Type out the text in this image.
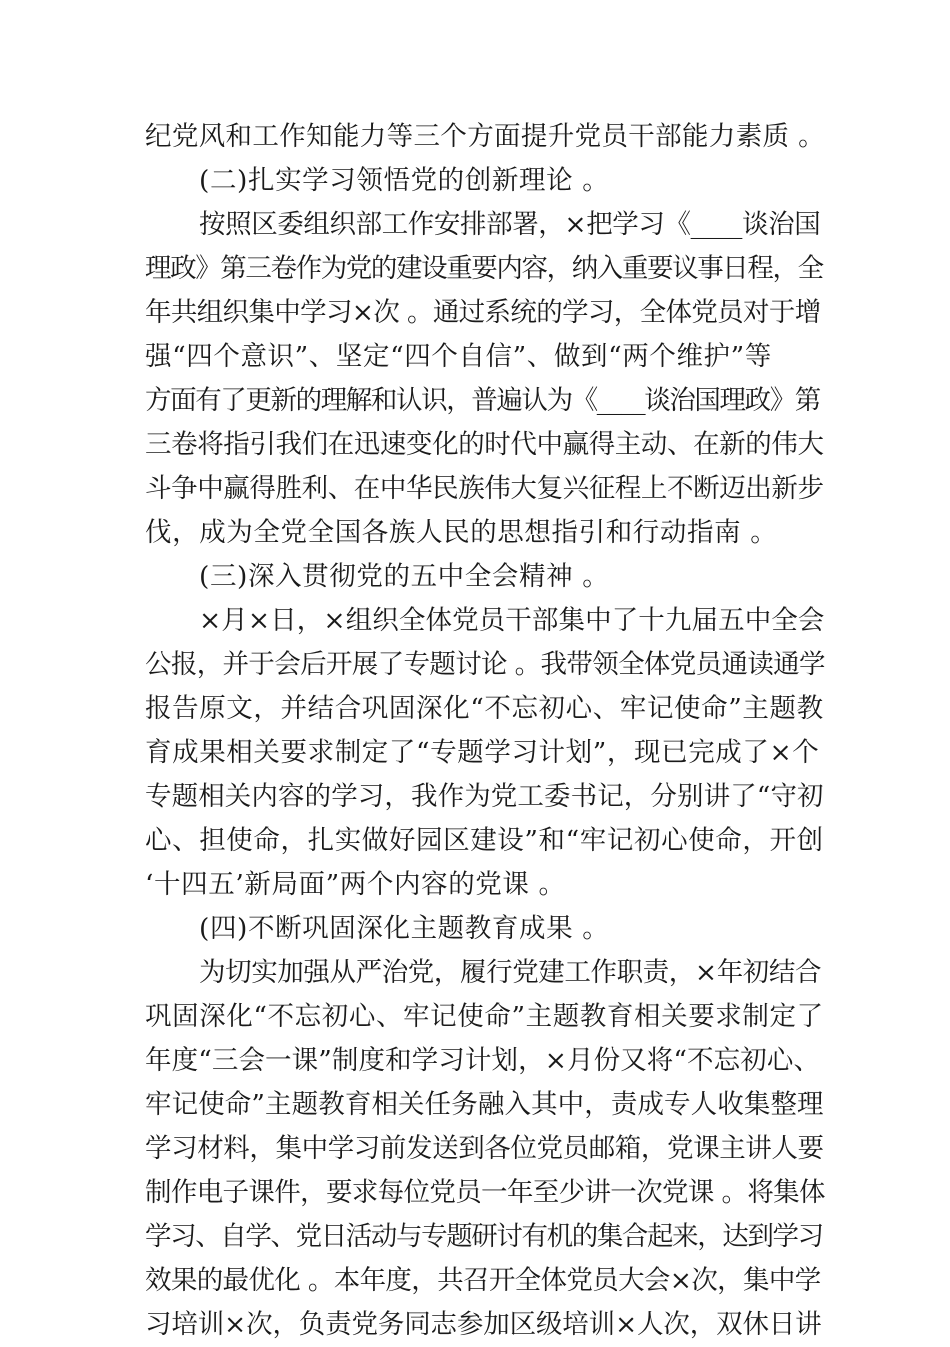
纪党风和工作知能力等三个方面提升党员干部能力素质 。
(二)扎实学习领悟党的创新理论 。
按照区委组织部工作安排部署，×把学习《____谈治国
理政》第三卷作为党的建设重要内容，纳入重要议事日程，全
年共组织集中学习×次 。通过系统的学习，全体党员对于增
强“四个意识”、坚定“四个自信”、做到“两个维护”等
方面有了更新的理解和认识，普遍认为《____谈治国理政》第
三卷将指引我们在迅速变化的时代中赢得主动、在新的伟大
斗争中赢得胜利、在中华民族伟大复兴征程上不断迈出新步
伐，成为全党全国各族人民的思想指引和行动指南 。
(三)深入贯彻党的五中全会精神 。
×月×日，×组织全体党员干部集中了十九届五中全会
公报，并于会后开展了专题讨论 。我带领全体党员通读通学
报告原文，并结合巩固深化“不忘初心、牢记使命”主题教
育成果相关要求制定了“专题学习计划”，现已完成了×个
专题相关内容的学习，我作为党工委书记，分别讲了“守初
心、担使命，扎实做好园区建设”和“牢记初心使命，开创
‘十四五’新局面”两个内容的党课 。
(四)不断巩固深化主题教育成果 。
为切实加强从严治党，履行党建工作职责，×年初结合
巩固深化“不忘初心、牢记使命”主题教育相关要求制定了
年度“三会一课”制度和学习计划，×月份又将“不忘初心、
牢记使命”主题教育相关任务融入其中，责成专人收集整理
学习材料，集中学习前发送到各位党员邮箱，党课主讲人要
制作电子课件，要求每位党员一年至少讲一次党课 。将集体
学习、自学、党日活动与专题研讨有机的集合起来，达到学习
效果的最优化 。本年度，共召开全体党员大会×次，集中学
习培训×次，负责党务同志参加区级培训×人次，双休日讲
